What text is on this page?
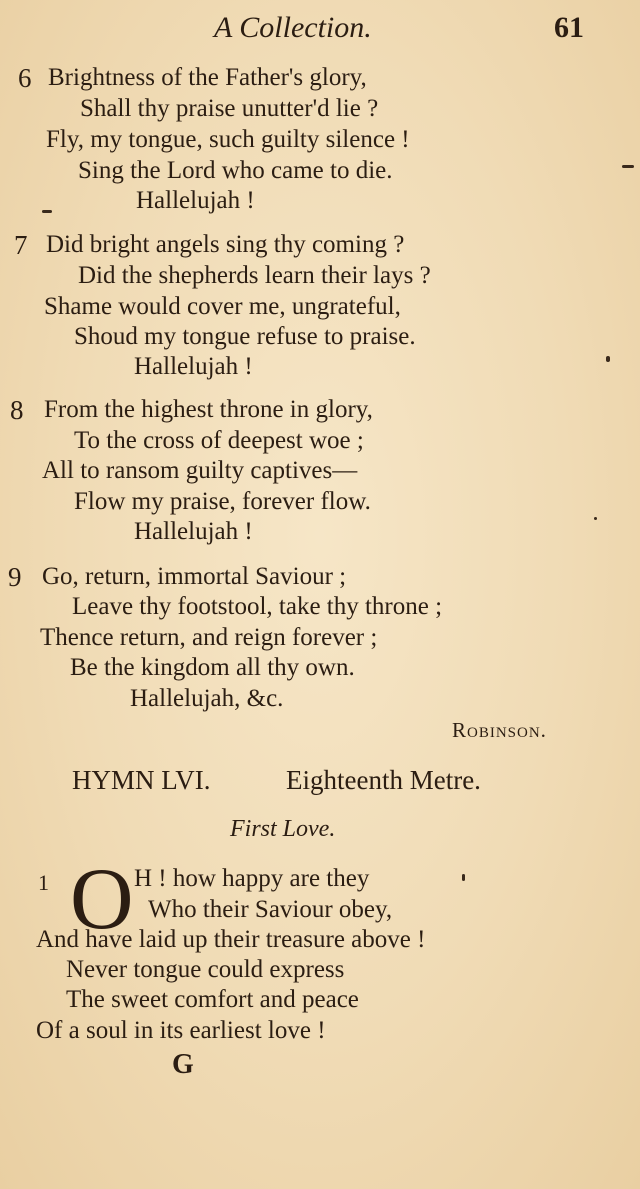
A Collection.	61
6 Brightness of the Father's glory,
Shall thy praise unutter'd lie ?
Fly, my tongue, such guilty silence !
Sing the Lord who came to die.
Hallelujah !
7 Did bright angels sing thy coming ?
Did the shepherds learn their lays ?
Shame would cover me, ungrateful,
Shoud my tongue refuse to praise.
Hallelujah !
8 From the highest throne in glory,
To the cross of deepest woe ;
All to ransom guilty captives—
Flow my praise, forever flow.
Hallelujah !
9 Go, return, immortal Saviour ;
Leave thy footstool, take thy throne ;
Thence return, and reign forever ;
Be the kingdom all thy own.
Hallelujah, &c.
Robinson.
HYMN LVI.	Eighteenth Metre.
First Love.
1 O H ! how happy are they
Who their Saviour obey,
And have laid up their treasure above !
Never tongue could express
The sweet comfort and peace
Of a soul in its earliest love !
G
